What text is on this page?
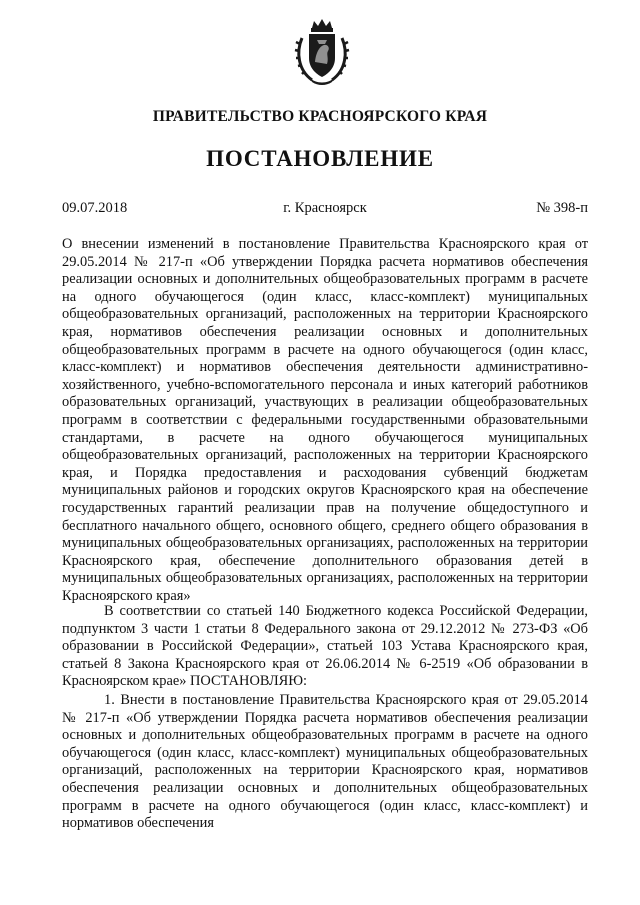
ПРАВИТЕЛЬСТВО КРАСНОЯРСКОГО КРАЯ
ПОСТАНОВЛЕНИЕ
г. Красноярск
09.07.2018	№ 398-п
О внесении изменений в постановление Правительства Красноярского края от 29.05.2014 № 217-п «Об утверждении Порядка расчета нормативов обеспечения реализации основных и дополнительных общеобразовательных программ в расчете на одного обучающегося (один класс, класс-комплект) муниципальных общеобразовательных организаций, расположенных на территории Красноярского края, нормативов обеспечения реализации основных и дополнительных общеобразовательных программ в расчете на одного обучающегося (один класс, класс-комплект) и нормативов обеспечения деятельности административно-хозяйственного, учебно-вспомогательного персонала и иных категорий работников образовательных организаций, участвующих в реализации общеобразовательных программ в соответствии с федеральными государственными образовательными стандартами, в расчете на одного обучающегося муниципальных общеобразовательных организаций, расположенных на территории Красноярского края, и Порядка предоставления и расходования субвенций бюджетам муниципальных районов и городских округов Красноярского края на обеспечение государственных гарантий реализации прав на получение общедоступного и бесплатного начального общего, основного общего, среднего общего образования в муниципальных общеобразовательных организациях, расположенных на территории Красноярского края, обеспечение дополнительного образования детей в муниципальных общеобразовательных организациях, расположенных на территории Красноярского края»
В соответствии со статьей 140 Бюджетного кодекса Российской Федерации, подпунктом 3 части 1 статьи 8 Федерального закона от 29.12.2012 № 273-ФЗ «Об образовании в Российской Федерации», статьей 103 Устава Красноярского края, статьей 8 Закона Красноярского края от 26.06.2014 № 6-2519 «Об образовании в Красноярском крае» ПОСТАНОВЛЯЮ:
1. Внести в постановление Правительства Красноярского края от 29.05.2014 № 217-п «Об утверждении Порядка расчета нормативов обеспечения реализации основных и дополнительных общеобразовательных программ в расчете на одного обучающегося (один класс, класс-комплект) муниципальных общеобразовательных организаций, расположенных на территории Красноярского края, нормативов обеспечения реализации основных и дополнительных общеобразовательных программ в расчете на одного обучающегося (один класс, класс-комплект) и нормативов обеспечения
